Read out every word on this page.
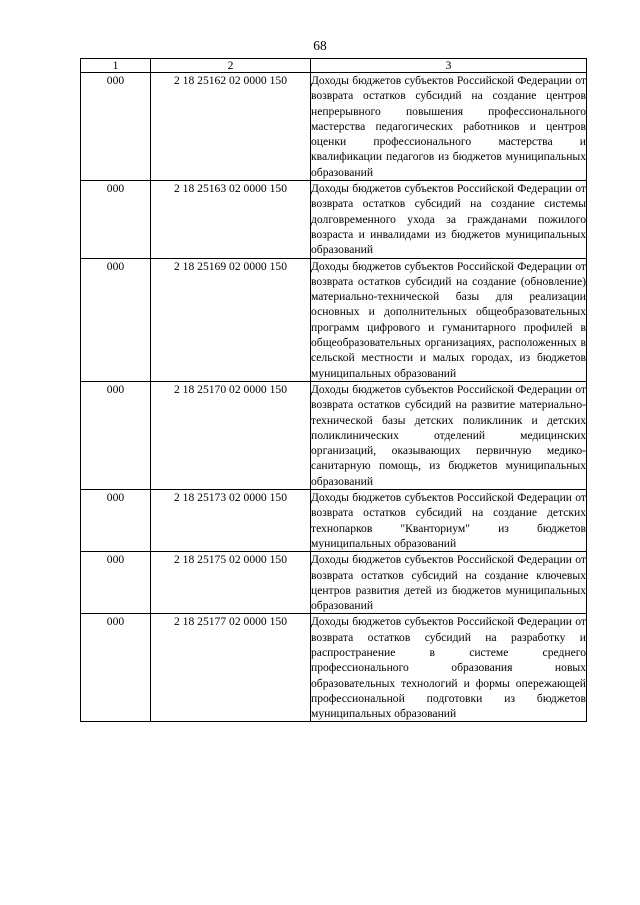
68
1	2	3
000	2 18 25162 02 0000 150	Доходы бюджетов субъектов Российской Федерации от возврата остатков субсидий на создание центров непрерывного повышения профессионального мастерства педагогических работников и центров оценки профессионального мастерства и квалификации педагогов из бюджетов муниципальных образований
000	2 18 25163 02 0000 150	Доходы бюджетов субъектов Российской Федерации от возврата остатков субсидий на создание системы долговременного ухода за гражданами пожилого возраста и инвалидами из бюджетов муниципальных образований
000	2 18 25169 02 0000 150	Доходы бюджетов субъектов Российской Федерации от возврата остатков субсидий на создание (обновление) материально-технической базы для реализации основных и дополнительных общеобразовательных программ цифрового и гуманитарного профилей в общеобразовательных организациях, расположенных в сельской местности и малых городах, из бюджетов муниципальных образований
000	2 18 25170 02 0000 150	Доходы бюджетов субъектов Российской Федерации от возврата остатков субсидий на развитие материально-технической базы детских поликлиник и детских поликлинических отделений медицинских организаций, оказывающих первичную медико-санитарную помощь, из бюджетов муниципальных образований
000	2 18 25173 02 0000 150	Доходы бюджетов субъектов Российской Федерации от возврата остатков субсидий на создание детских технопарков "Кванториум" из бюджетов муниципальных образований
000	2 18 25175 02 0000 150	Доходы бюджетов субъектов Российской Федерации от возврата остатков субсидий на создание ключевых центров развития детей из бюджетов муниципальных образований
000	2 18 25177 02 0000 150	Доходы бюджетов субъектов Российской Федерации от возврата остатков субсидий на разработку и распространение в системе среднего профессионального образования новых образовательных технологий и формы опережающей профессиональной подготовки из бюджетов муниципальных образований
